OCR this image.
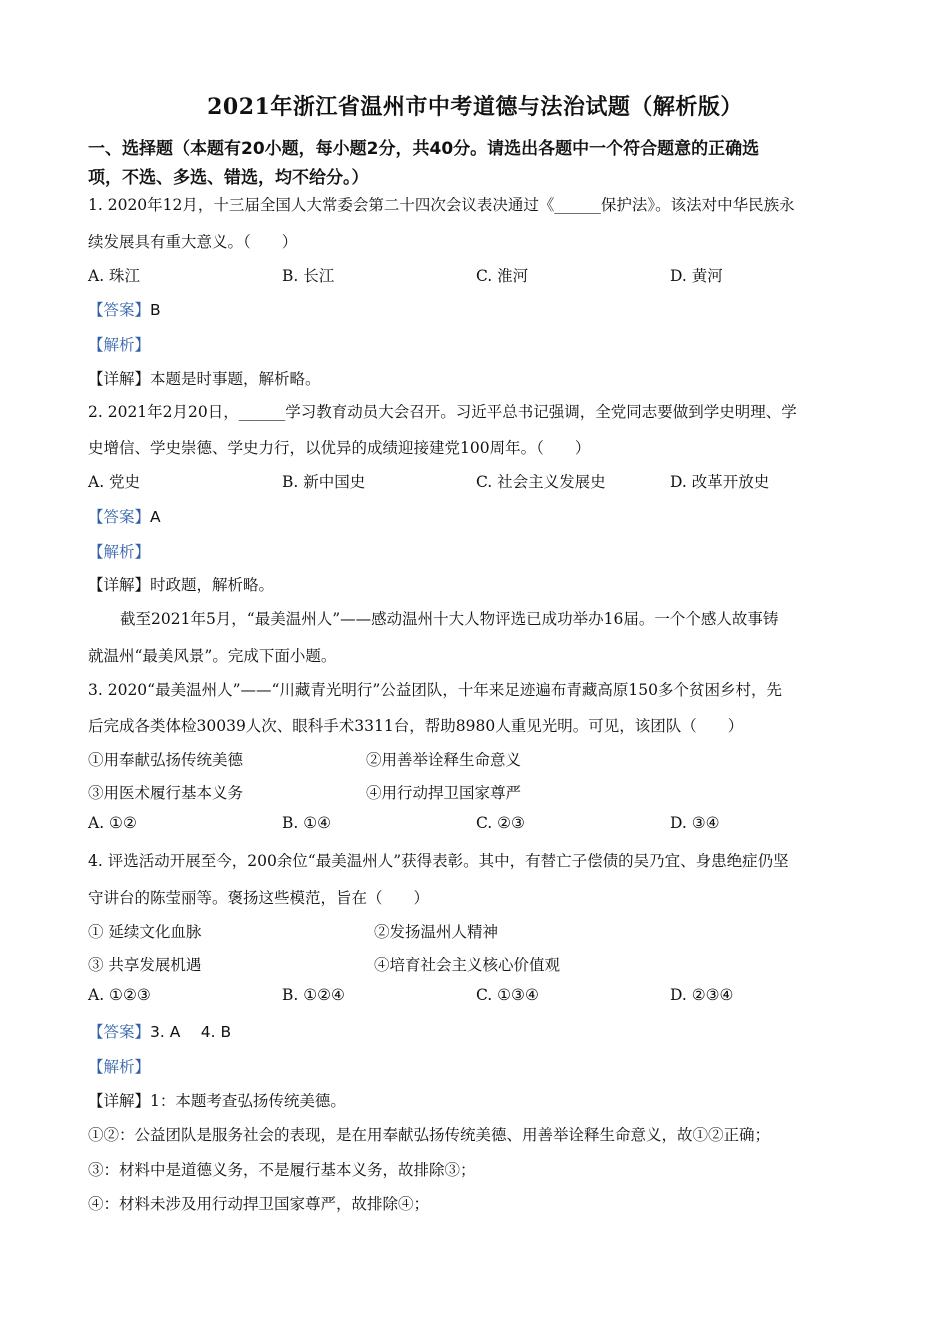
2021年浙江省温州市中考道德与法治试题（解析版）
一、选择题（本题有20小题，每小题2分，共40分。请选出各题中一个符合题意的正确选
项，不选、多选、错选，均不给分。）
1. 2020年12月，十三届全国人大常委会第二十四次会议表决通过《______保护法》。该法对中华民族永
续发展具有重大意义。（　　）
A. 珠江	B. 长江	C. 淮河	D. 黄河
【答案】B
【解析】
【详解】本题是时事题，解析略。
2. 2021年2月20日，______学习教育动员大会召开。习近平总书记强调，全党同志要做到学史明理、学
史增信、学史崇德、学史力行，以优异的成绩迎接建党100周年。（　　）
A. 党史	B. 新中国史	C. 社会主义发展史	D. 改革开放史
【答案】A
【解析】
【详解】时政题，解析略。
截至2021年5月，“最美温州人”——感动温州十大人物评选已成功举办16届。一个个感人故事铸
就温州“最美风景”。完成下面小题。
3. 2020“最美温州人”——“川藏青光明行”公益团队，十年来足迹遍布青藏高原150多个贫困乡村，先
后完成各类体检30039人次、眼科手术3311台，帮助8980人重见光明。可见，该团队（　　）
①用奉献弘扬传统美德	②用善举诠释生命意义
③用医术履行基本义务	④用行动捍卫国家尊严
A. ①②	B. ①④	C. ②③	D. ③④
4. 评选活动开展至今，200余位“最美温州人”获得表彰。其中，有替亡子偿债的吴乃宜、身患绝症仍坚
守讲台的陈莹丽等。褒扬这些模范，旨在（　　）
① 延续文化血脉	②发扬温州人精神
③ 共享发展机遇	④培育社会主义核心价值观
A. ①②③	B. ①②④	C. ①③④	D. ②③④
【答案】3. A　 4. B
【解析】
【详解】1：本题考查弘扬传统美德。
①②：公益团队是服务社会的表现，是在用奉献弘扬传统美德、用善举诠释生命意义，故①②正确；
③：材料中是道德义务，不是履行基本义务，故排除③；
④：材料未涉及用行动捍卫国家尊严，故排除④；
